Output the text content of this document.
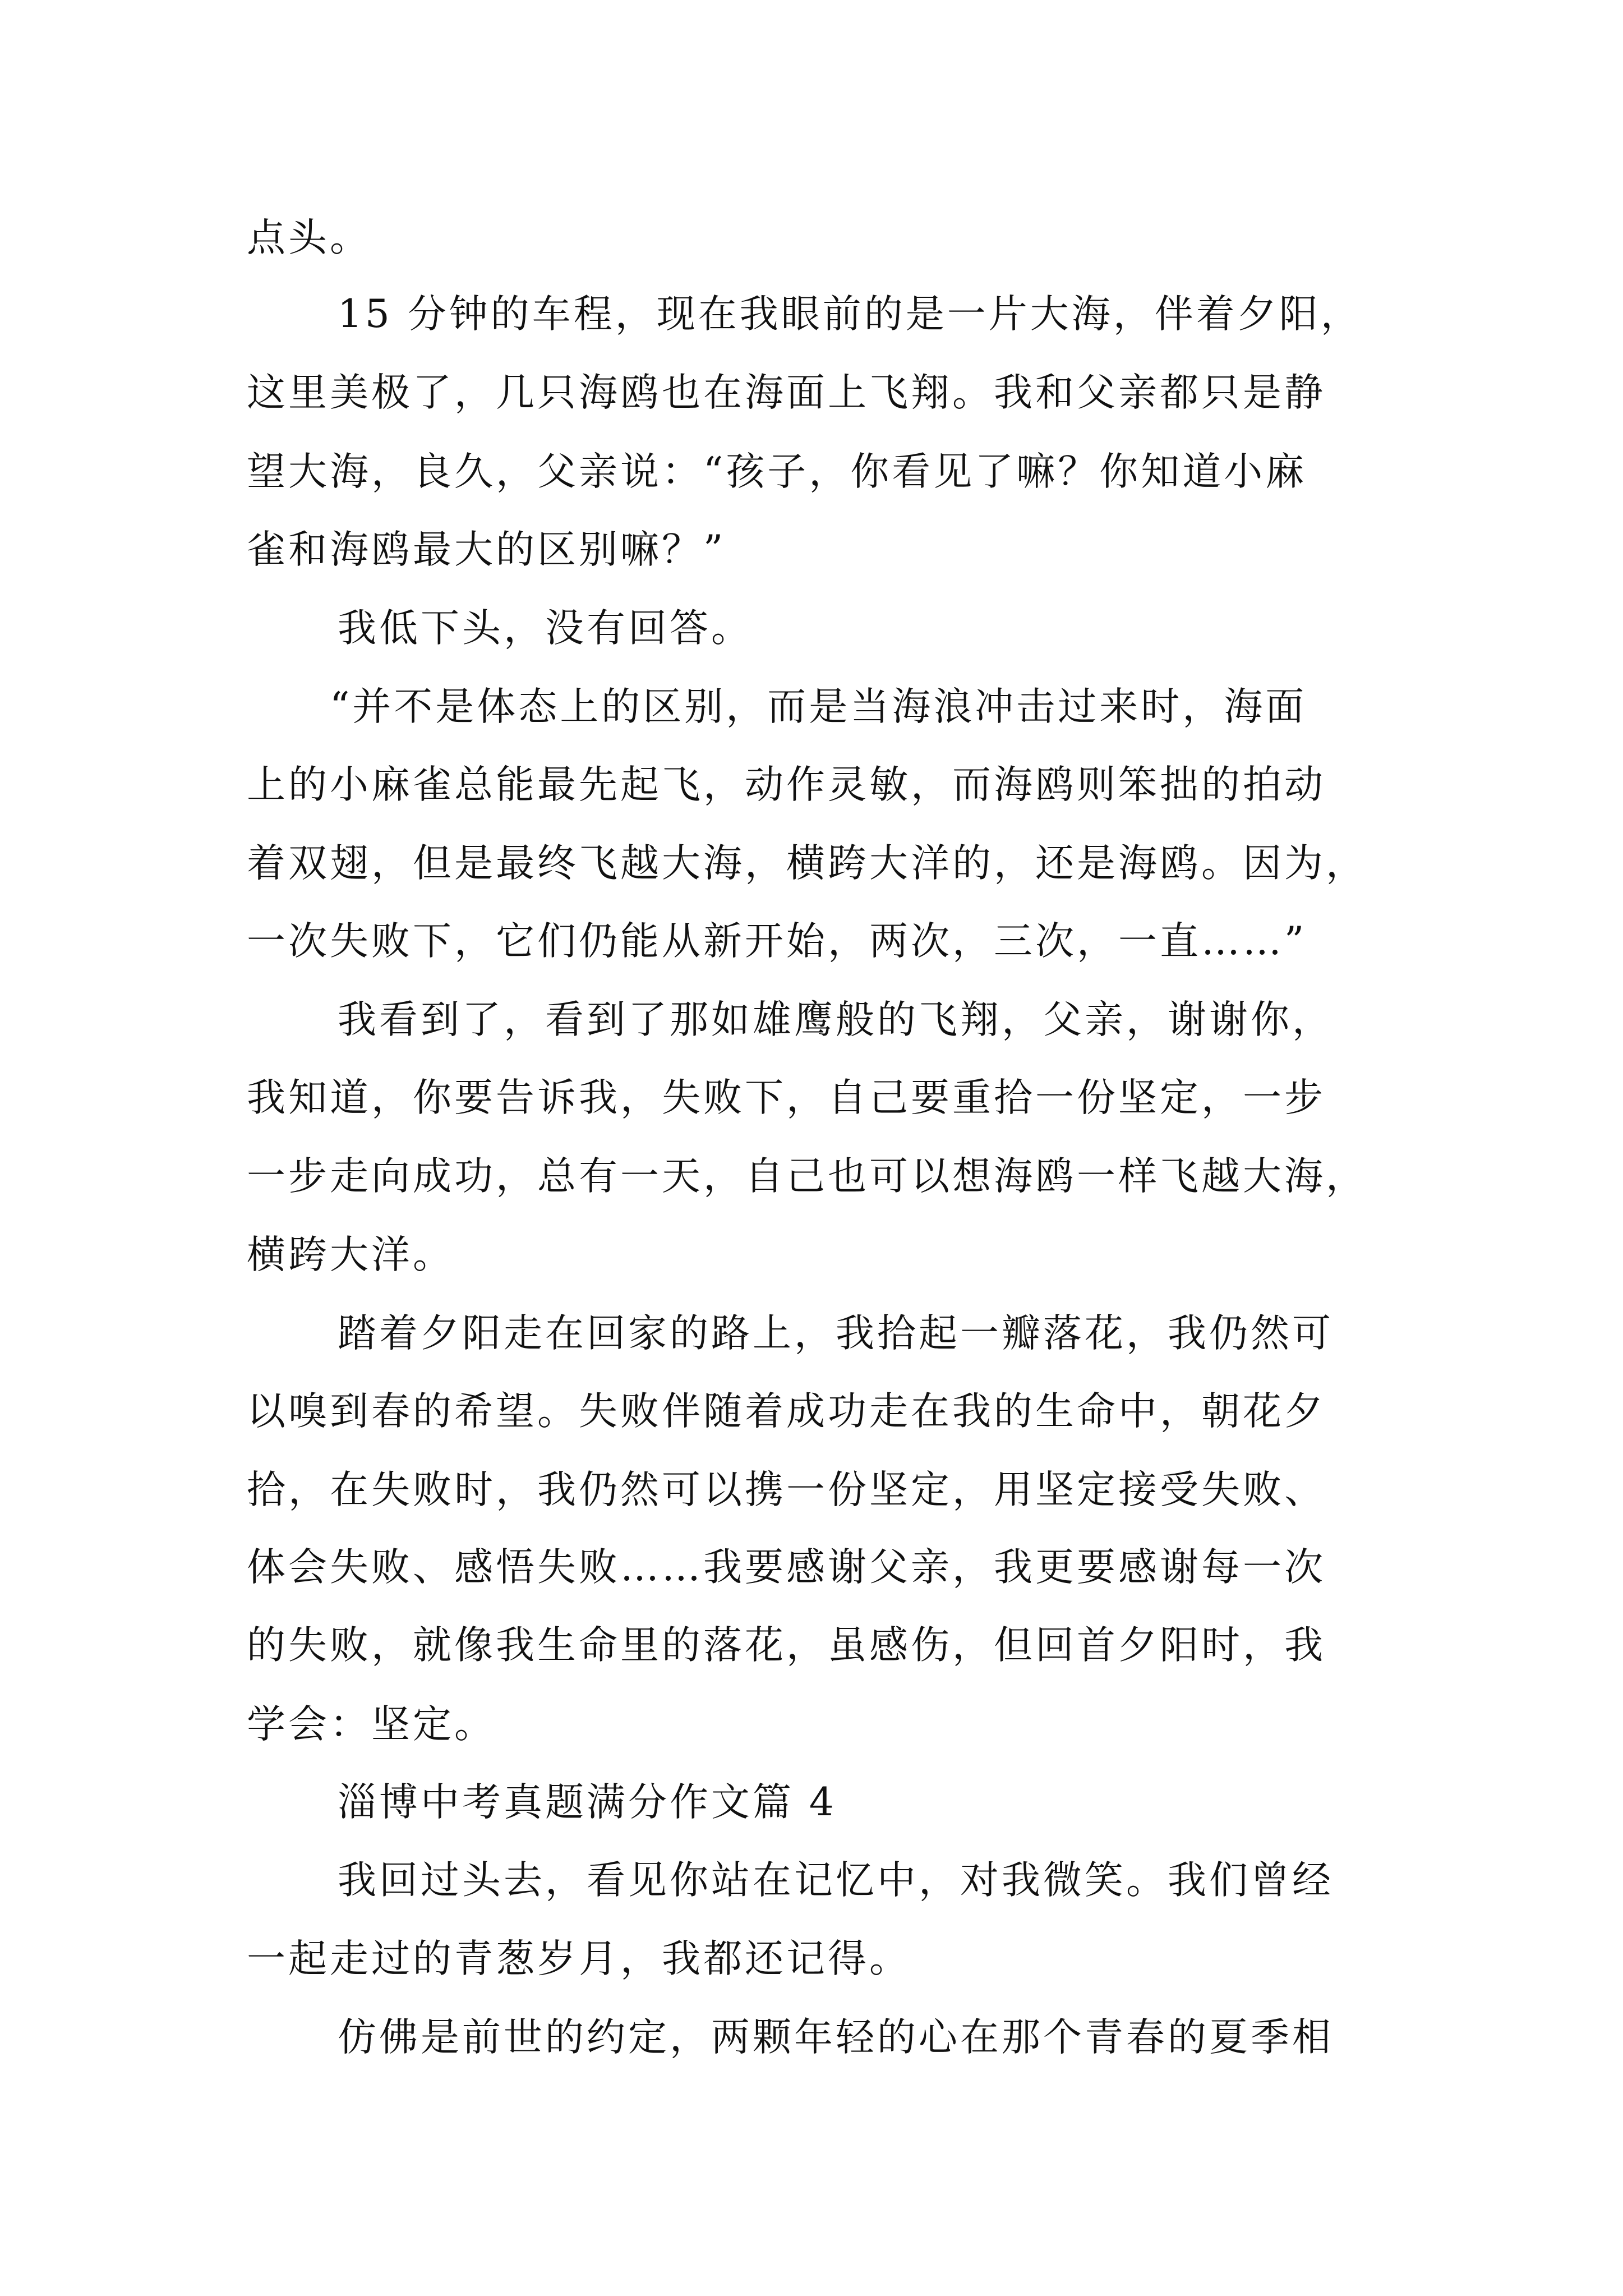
点头。
15 分钟的车程，现在我眼前的是一片大海，伴着夕阳，
这里美极了，几只海鸥也在海面上飞翔。我和父亲都只是静
望大海，良久，父亲说：“孩子，你看见了嘛？你知道小麻
雀和海鸥最大的区别嘛？”
我低下头，没有回答。
“并不是体态上的区别，而是当海浪冲击过来时，海面
上的小麻雀总能最先起飞，动作灵敏，而海鸥则笨拙的拍动
着双翅，但是最终飞越大海，横跨大洋的，还是海鸥。因为，
一次失败下，它们仍能从新开始，两次，三次，一直……”
我看到了，看到了那如雄鹰般的飞翔，父亲，谢谢你，
我知道，你要告诉我，失败下，自己要重拾一份坚定，一步
一步走向成功，总有一天，自己也可以想海鸥一样飞越大海，
横跨大洋。
踏着夕阳走在回家的路上，我拾起一瓣落花，我仍然可
以嗅到春的希望。失败伴随着成功走在我的生命中，朝花夕
拾，在失败时，我仍然可以携一份坚定，用坚定接受失败、
体会失败、感悟失败……我要感谢父亲，我更要感谢每一次
的失败，就像我生命里的落花，虽感伤，但回首夕阳时，我
学会：坚定。
淄博中考真题满分作文篇 4
我回过头去，看见你站在记忆中，对我微笑。我们曾经
一起走过的青葱岁月，我都还记得。
仿佛是前世的约定，两颗年轻的心在那个青春的夏季相
